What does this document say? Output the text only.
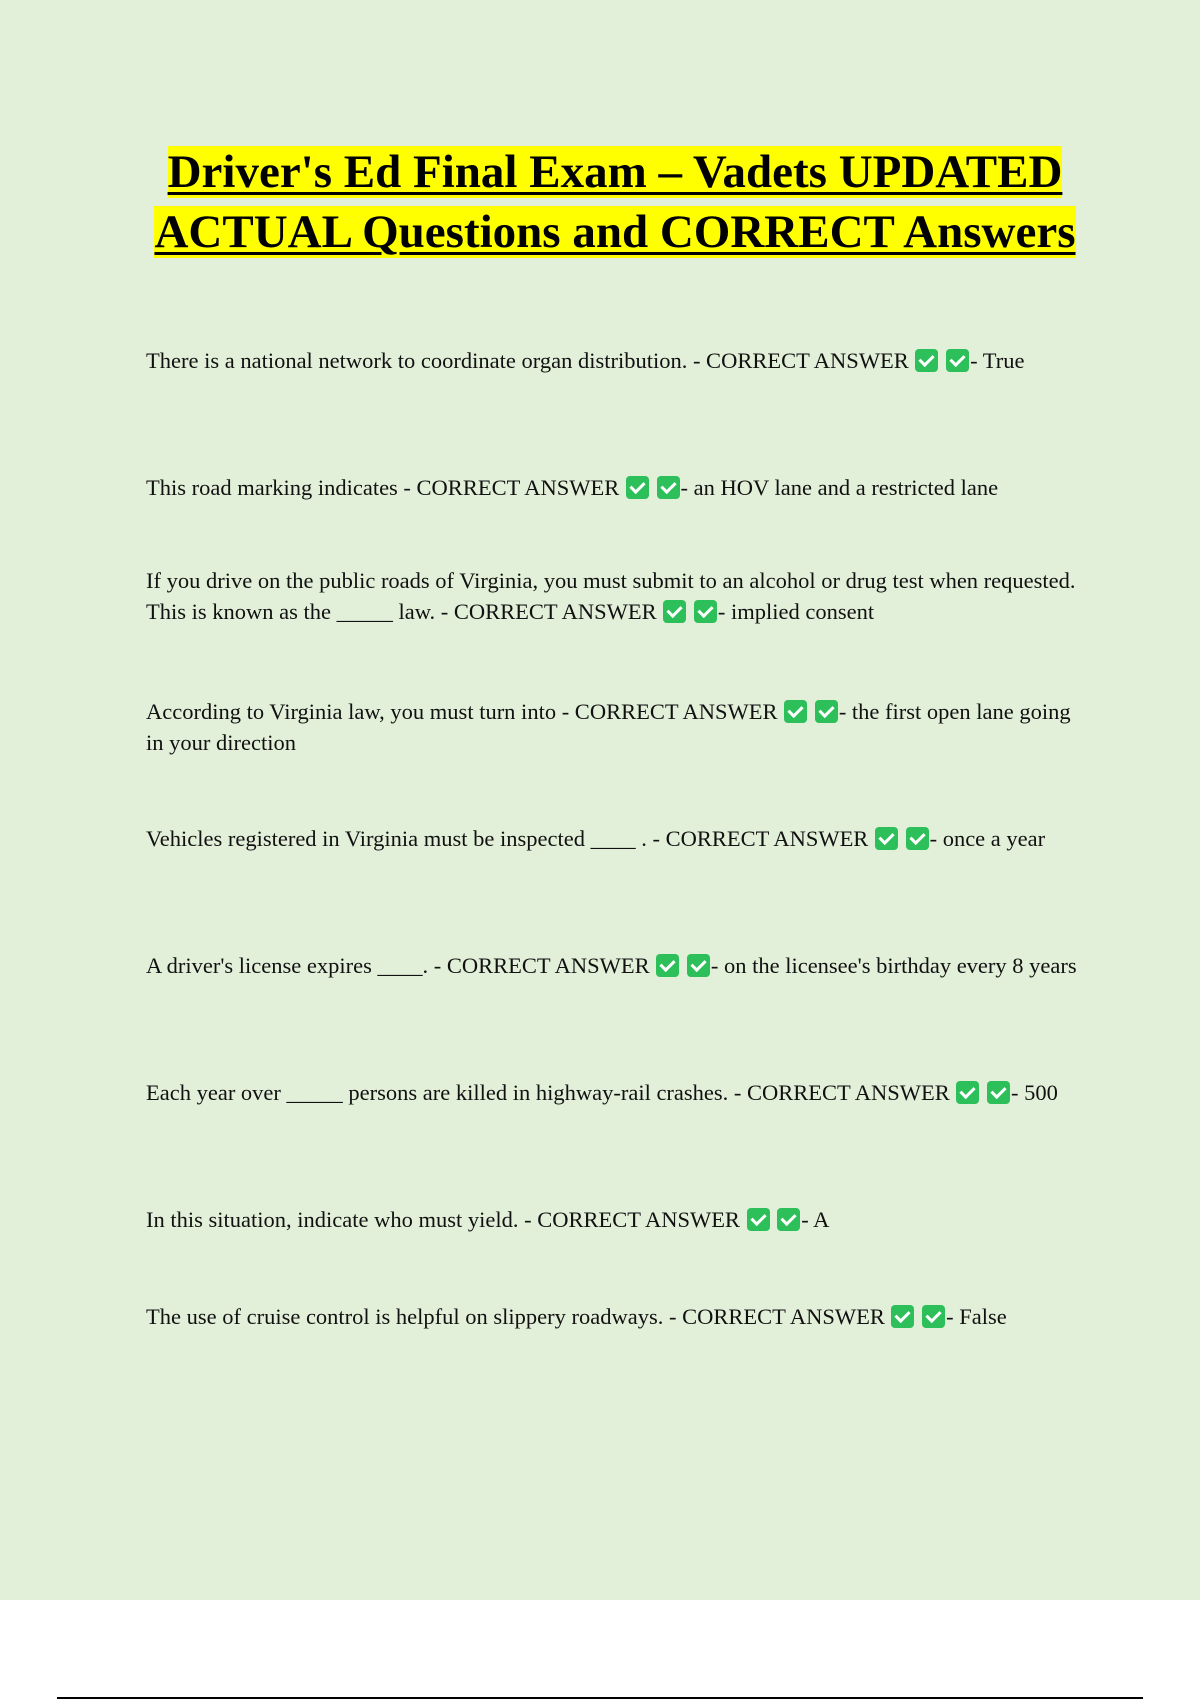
Driver's Ed Final Exam – Vadets UPDATED ACTUAL Questions and CORRECT Answers

There is a national network to coordinate organ distribution. - CORRECT ANSWER	- True

This road marking indicates - CORRECT ANSWER	- an HOV lane and a restricted lane

If you drive on the public roads of Virginia, you must submit to an alcohol or drug test when requested. This is known as the _____ law. - CORRECT ANSWER	- implied consent

According to Virginia law, you must turn into - CORRECT ANSWER	- the first open lane going in your direction

Vehicles registered in Virginia must be inspected ____ . - CORRECT ANSWER	- once a year

A driver's license expires ____. - CORRECT ANSWER	- on the licensee's birthday every 8 years

Each year over _____ persons are killed in highway-rail crashes. - CORRECT ANSWER	- 500

In this situation, indicate who must yield. - CORRECT ANSWER	- A

The use of cruise control is helpful on slippery roadways. - CORRECT ANSWER	- False
